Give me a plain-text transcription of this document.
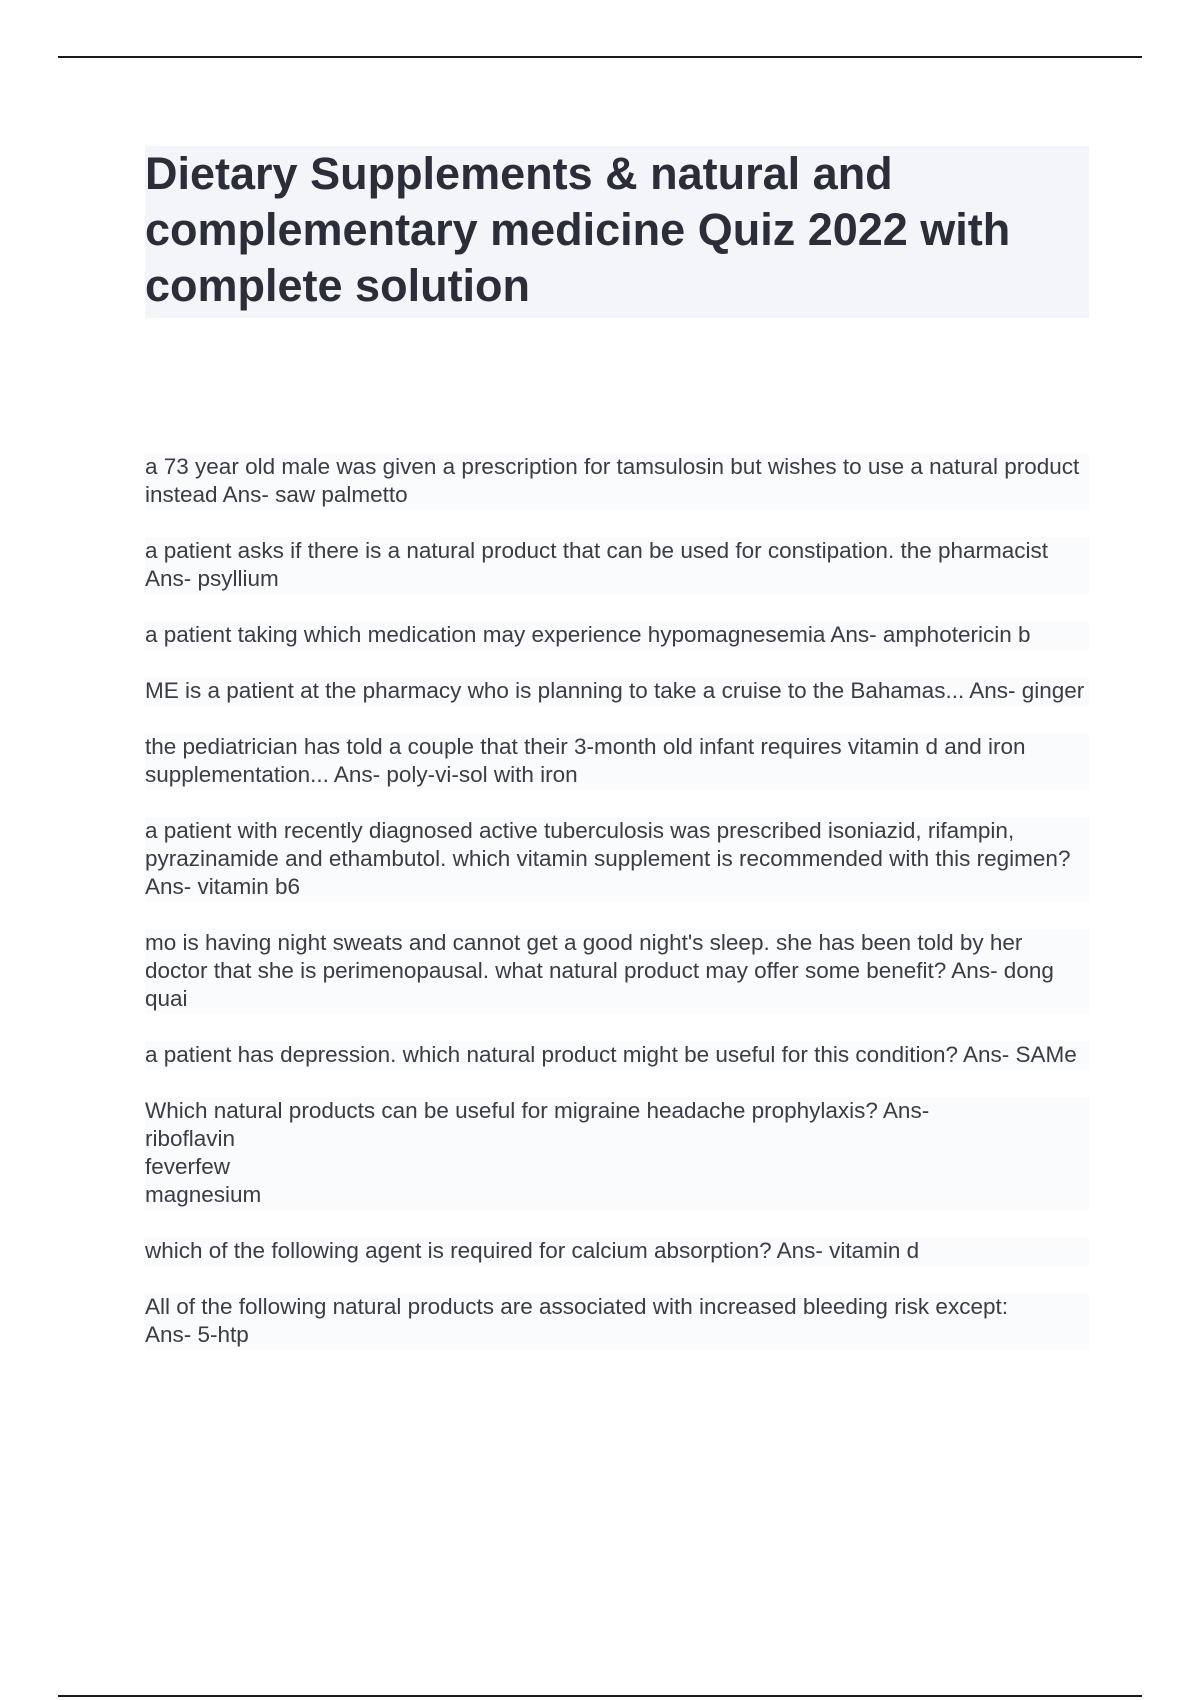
Dietary Supplements & natural and complementary medicine Quiz 2022 with complete solution

a 73 year old male was given a prescription for tamsulosin but wishes to use a natural product instead Ans- saw palmetto

a patient asks if there is a natural product that can be used for constipation. the pharmacist Ans- psyllium

a patient taking which medication may experience hypomagnesemia Ans- amphotericin b

ME is a patient at the pharmacy who is planning to take a cruise to the Bahamas... Ans- ginger

the pediatrician has told a couple that their 3-month old infant requires vitamin d and iron supplementation... Ans- poly-vi-sol with iron

a patient with recently diagnosed active tuberculosis was prescribed isoniazid, rifampin, pyrazinamide and ethambutol. which vitamin supplement is recommended with this regimen? Ans- vitamin b6

mo is having night sweats and cannot get a good night's sleep. she has been told by her doctor that she is perimenopausal. what natural product may offer some benefit? Ans- dong quai

a patient has depression. which natural product might be useful for this condition? Ans- SAMe

Which natural products can be useful for migraine headache prophylaxis? Ans-
riboflavin
feverfew
magnesium

which of the following agent is required for calcium absorption? Ans- vitamin d

All of the following natural products are associated with increased bleeding risk except:
Ans- 5-htp
